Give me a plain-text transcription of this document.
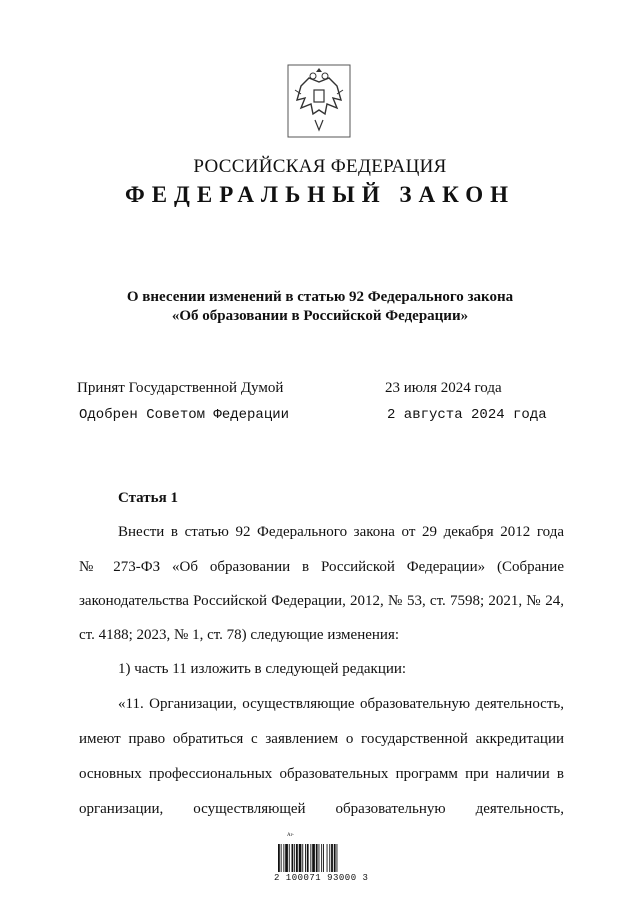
РОССИЙСКАЯ ФЕДЕРАЦИЯ
ФЕДЕРАЛЬНЫЙ ЗАКОН
О внесении изменений в статью 92 Федерального закона
«Об образовании в Российской Федерации»
Принят Государственной Думой	23 июля 2024 года
Одобрен Советом Федерации	2 августа 2024 года
Статья 1
Внести в статью 92 Федерального закона от 29 декабря 2012 года
№ 273-ФЗ «Об образовании в Российской Федерации» (Собрание
законодательства Российской Федерации, 2012, № 53, ст. 7598; 2021, № 24,
ст. 4188; 2023, № 1, ст. 78) следующие изменения:
1) часть 11 изложить в следующей редакции:
«11. Организации, осуществляющие образовательную деятельность,
имеют право обратиться с заявлением о государственной аккредитации
основных профессиональных образовательных программ при наличии в
организации, осуществляющей образовательную деятельность,
Ar-
2 100071 93000 3
